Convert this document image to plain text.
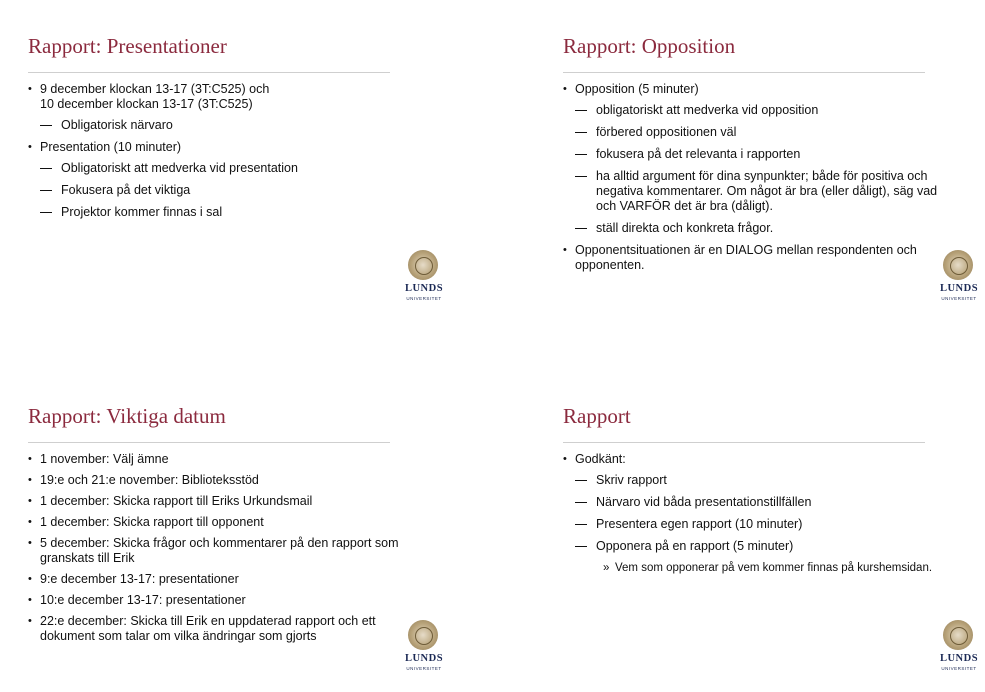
Rapport: Presentationer
• 9 december klockan 13-17 (3T:C525) och
10 december klockan 13-17 (3T:C525)
Obligatorisk närvaro
• Presentation (10 minuter)
Obligatoriskt att medverka vid presentation
Fokusera på det viktiga
Projektor kommer finnas i sal
LUNDS
UNIVERSITET
Rapport: Opposition
• Opposition (5 minuter)
obligatoriskt att medverka vid opposition
förbered oppositionen väl
fokusera på det relevanta i rapporten
ha alltid argument för dina synpunkter; både för positiva och negativa kommentarer. Om något är bra (eller dåligt), säg vad och VARFÖR det är bra (dåligt).
ställ direkta och konkreta frågor.
• Opponentsituationen är en DIALOG mellan respondenten och opponenten.
LUNDS
UNIVERSITET
Rapport: Viktiga datum
• 1 november: Välj ämne
• 19:e och 21:e november: Biblioteksstöd
• 1 december: Skicka rapport till Eriks Urkundsmail
• 1 december: Skicka rapport till opponent
• 5 december: Skicka frågor och kommentarer på den rapport som granskats till Erik
• 9:e december 13-17: presentationer
• 10:e december 13-17: presentationer
• 22:e december: Skicka till Erik en uppdaterad rapport och ett dokument som talar om vilka ändringar som gjorts
LUNDS
UNIVERSITET
Rapport
• Godkänt:
Skriv rapport
Närvaro vid båda presentationstillfällen
Presentera egen rapport (10 minuter)
Opponera på en rapport (5 minuter)
» Vem som opponerar på vem kommer finnas på kurshemsidan.
LUNDS
UNIVERSITET
